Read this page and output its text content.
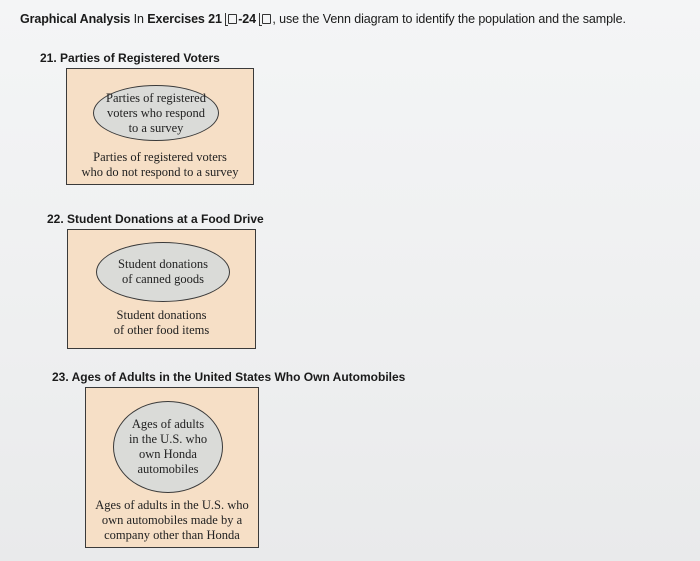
Graphical Analysis In Exercises 21 -24 , use the Venn diagram to identify the population and the sample.
21. Parties of Registered Voters
Parties of registered
voters who respond
to a survey
Parties of registered voters
who do not respond to a survey
22. Student Donations at a Food Drive
Student donations
of canned goods
Student donations
of other food items
23. Ages of Adults in the United States Who Own Automobiles
Ages of adults
in the U.S. who
own Honda
automobiles
Ages of adults in the U.S. who
own automobiles made by a
company other than Honda
